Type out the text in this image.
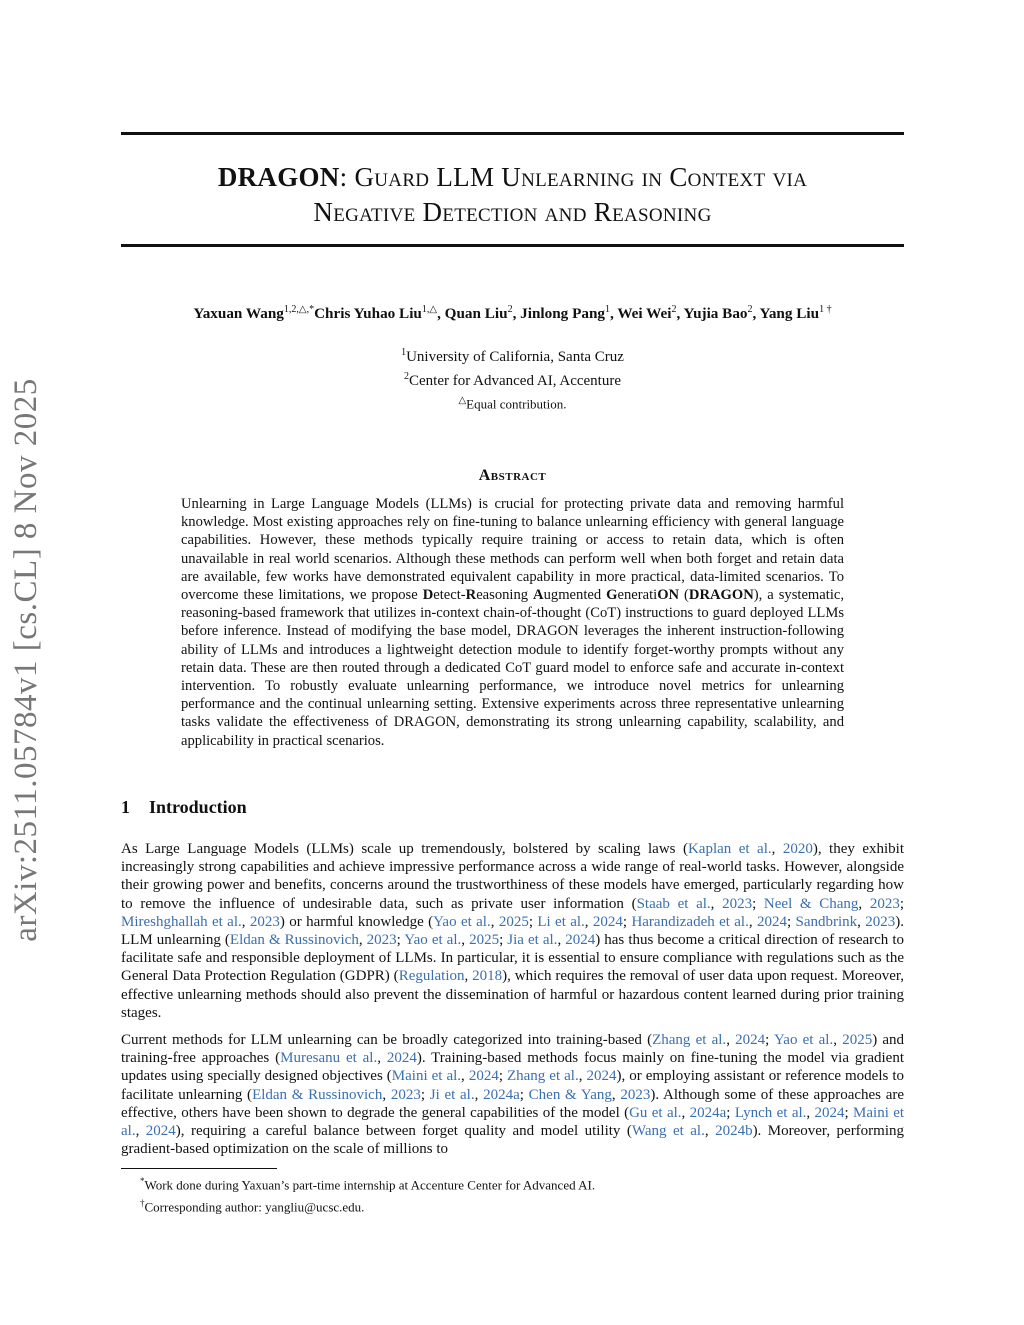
arXiv:2511.05784v1 [cs.CL] 8 Nov 2025
DRAGON: Guard LLM Unlearning in Context via
Negative Detection and Reasoning
Yaxuan Wang$^{1,2,\triangle,*}$Chris Yuhao Liu$^{1,\triangle}$, Quan Liu$^2$, Jinlong Pang$^1$, Wei Wei$^2$, Yujia Bao$^2$, Yang Liu$^{1 \dagger}$
$^1$University of California, Santa Cruz
$^2$Center for Advanced AI, Accenture
△Equal contribution.
Abstract
Unlearning in Large Language Models (LLMs) is crucial for protecting private data and removing harmful knowledge. Most existing approaches rely on fine-tuning to balance unlearning efficiency with general language capabilities. However, these methods typically require training or access to retain data, which is often unavailable in real world scenarios. Although these methods can perform well when both forget and retain data are available, few works have demonstrated equivalent capability in more practical, data-limited scenarios. To overcome these limitations, we propose Detect-Reasoning Augmented GeneratiON (DRAGON), a systematic, reasoning-based framework that utilizes in-context chain-of-thought (CoT) instructions to guard deployed LLMs before inference. Instead of modifying the base model, DRAGON leverages the inherent instruction-following ability of LLMs and introduces a lightweight detection module to identify forget-worthy prompts without any retain data. These are then routed through a dedicated CoT guard model to enforce safe and accurate in-context intervention. To robustly evaluate unlearning performance, we introduce novel metrics for unlearning performance and the continual unlearning setting. Extensive experiments across three representative unlearning tasks validate the effectiveness of DRAGON, demonstrating its strong unlearning capability, scalability, and applicability in practical scenarios.
1 Introduction

As Large Language Models (LLMs) scale up tremendously, bolstered by scaling laws (Kaplan et al., 2020), they exhibit increasingly strong capabilities and achieve impressive performance across a wide range of real-world tasks. However, alongside their growing power and benefits, concerns around the trustworthiness of these models have emerged, particularly regarding how to remove the influence of undesirable data, such as private user information (Staab et al., 2023; Neel & Chang, 2023; Mireshghallah et al., 2023) or harmful knowledge (Yao et al., 2025; Li et al., 2024; Harandizadeh et al., 2024; Sandbrink, 2023). LLM unlearning (Eldan & Russinovich, 2023; Yao et al., 2025; Jia et al., 2024) has thus become a critical direction of research to facilitate safe and responsible deployment of LLMs. In particular, it is essential to ensure compliance with regulations such as the General Data Protection Regulation (GDPR) (Regulation, 2018), which requires the removal of user data upon request. Moreover, effective unlearning methods should also prevent the dissemination of harmful or hazardous content learned during prior training stages.

Current methods for LLM unlearning can be broadly categorized into training-based (Zhang et al., 2024; Yao et al., 2025) and training-free approaches (Muresanu et al., 2024). Training-based methods focus mainly on fine-tuning the model via gradient updates using specially designed objectives (Maini et al., 2024; Zhang et al., 2024), or employing assistant or reference models to facilitate unlearning (Eldan & Russinovich, 2023; Ji et al., 2024a; Chen & Yang, 2023). Although some of these approaches are effective, others have been shown to degrade the general capabilities of the model (Gu et al., 2024a; Lynch et al., 2024; Maini et al., 2024), requiring a careful balance between forget quality and model utility (Wang et al., 2024b). Moreover, performing gradient-based optimization on the scale of millions to

*Work done during Yaxuan’s part-time internship at Accenture Center for Advanced AI.
†Corresponding author: yangliu@ucsc.edu.
